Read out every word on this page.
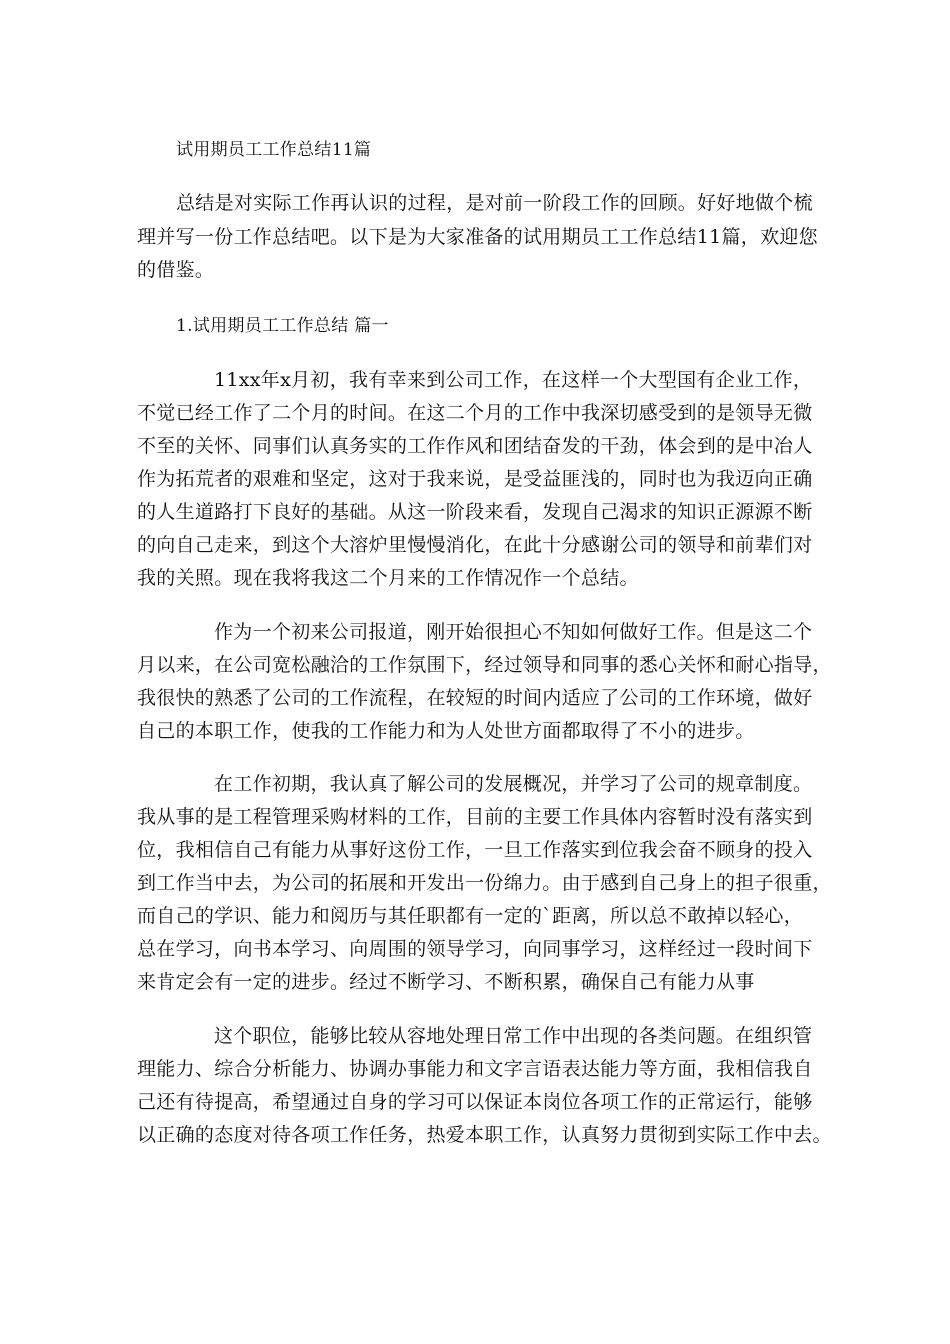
试用期员工工作总结11篇
总结是对实际工作再认识的过程，是对前一阶段工作的回顾。好好地做个梳
理并写一份工作总结吧。以下是为大家准备的试用期员工工作总结11篇，欢迎您
的借鉴。
1.试用期员工工作总结 篇一
11xx年x月初，我有幸来到公司工作，在这样一个大型国有企业工作，
不觉已经工作了二个月的时间。在这二个月的工作中我深切感受到的是领导无微
不至的关怀、同事们认真务实的工作作风和团结奋发的干劲，体会到的是中冶人
作为拓荒者的艰难和坚定，这对于我来说，是受益匪浅的，同时也为我迈向正确
的人生道路打下良好的基础。从这一阶段来看，发现自己渴求的知识正源源不断
的向自己走来，到这个大溶炉里慢慢消化，在此十分感谢公司的领导和前辈们对
我的关照。现在我将我这二个月来的工作情况作一个总结。
作为一个初来公司报道，刚开始很担心不知如何做好工作。但是这二个
月以来，在公司宽松融洽的工作氛围下，经过领导和同事的悉心关怀和耐心指导，
我很快的熟悉了公司的工作流程，在较短的时间内适应了公司的工作环境，做好
自己的本职工作，使我的工作能力和为人处世方面都取得了不小的进步。
在工作初期，我认真了解公司的发展概况，并学习了公司的规章制度。
我从事的是工程管理采购材料的工作，目前的主要工作具体内容暂时没有落实到
位，我相信自己有能力从事好这份工作，一旦工作落实到位我会奋不顾身的投入
到工作当中去，为公司的拓展和开发出一份绵力。由于感到自己身上的担子很重，
而自己的学识、能力和阅历与其任职都有一定的`距离，所以总不敢掉以轻心，
总在学习，向书本学习、向周围的领导学习，向同事学习，这样经过一段时间下
来肯定会有一定的进步。经过不断学习、不断积累，确保自己有能力从事
这个职位，能够比较从容地处理日常工作中出现的各类问题。在组织管
理能力、综合分析能力、协调办事能力和文字言语表达能力等方面，我相信我自
己还有待提高，希望通过自身的学习可以保证本岗位各项工作的正常运行，能够
以正确的态度对待各项工作任务，热爱本职工作，认真努力贯彻到实际工作中去。
